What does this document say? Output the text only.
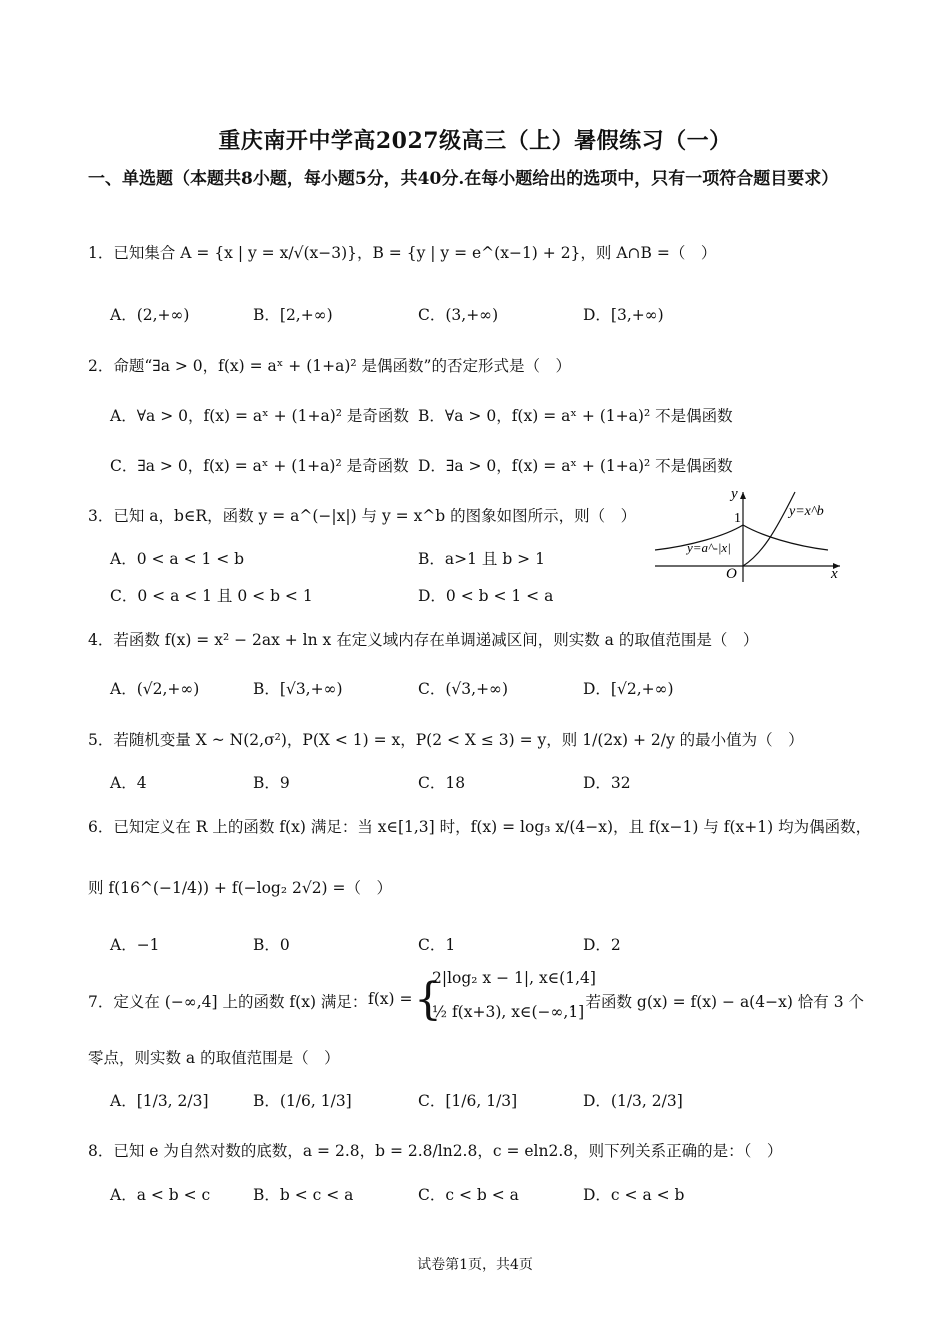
重庆南开中学高2027级高三（上）暑假练习（一）
一、单选题（本题共8小题，每小题5分，共40分.在每小题给出的选项中，只有一项符合题目要求）
1．已知集合 A = {x | y = x/√(x−3)}，B = {y | y = e^(x−1) + 2}，则 A∩B =（　）
A．(2,+∞)	B．[2,+∞)	C．(3,+∞)	D．[3,+∞)
2．命题“∃a > 0，f(x) = aˣ + (1+a)² 是偶函数”的否定形式是（　）
A．∀a > 0，f(x) = aˣ + (1+a)² 是奇函数 B．∀a > 0，f(x) = aˣ + (1+a)² 不是偶函数
C．∃a > 0，f(x) = aˣ + (1+a)² 是奇函数 D．∃a > 0，f(x) = aˣ + (1+a)² 不是偶函数
3．已知 a，b∈R，函数 y = a^(−|x|) 与 y = x^b 的图象如图所示，则（　）
A．0 < a < 1 < b	B．a>1 且 b > 1
C．0 < a < 1 且 0 < b < 1	D．0 < b < 1 < a
y
x
O
1	y=x^b
y=a^-|x|
4．若函数 f(x) = x² − 2ax + ln x 在定义域内存在单调递减区间，则实数 a 的取值范围是（　）
A．(√2,+∞)	B．[√3,+∞)	C．(√3,+∞)	D．[√2,+∞)
5．若随机变量 X ~ N(2,σ²)，P(X < 1) = x，P(2 < X ≤ 3) = y，则 1/(2x) + 2/y 的最小值为（　）
A．4	B．9	C．18	D．32
6．已知定义在 R 上的函数 f(x) 满足：当 x∈[1,3] 时，f(x) = log₃ x/(4−x)，且 f(x−1) 与 f(x+1) 均为偶函数，
则 f(16^(−1/4)) + f(−log₂ 2√2) =（　）
A．−1	B．0	C．1	D．2
7．定义在 (−∞,4] 上的函数 f(x) 满足： f(x) = {
2|log₂ x − 1|, x∈(1,4]
½ f(x+3), x∈(−∞,1]
，若函数 g(x) = f(x) − a(4−x) 恰有 3 个
零点，则实数 a 的取值范围是（　）
A．[1/3, 2/3]	B．(1/6, 1/3]	C．[1/6, 1/3]	D．(1/3, 2/3]
8．已知 e 为自然对数的底数，a = 2.8，b = 2.8/ln2.8，c = eln2.8，则下列关系正确的是：（　）
A．a < b < c	B．b < c < a	C．c < b < a	D．c < a < b
试卷第1页，共4页
